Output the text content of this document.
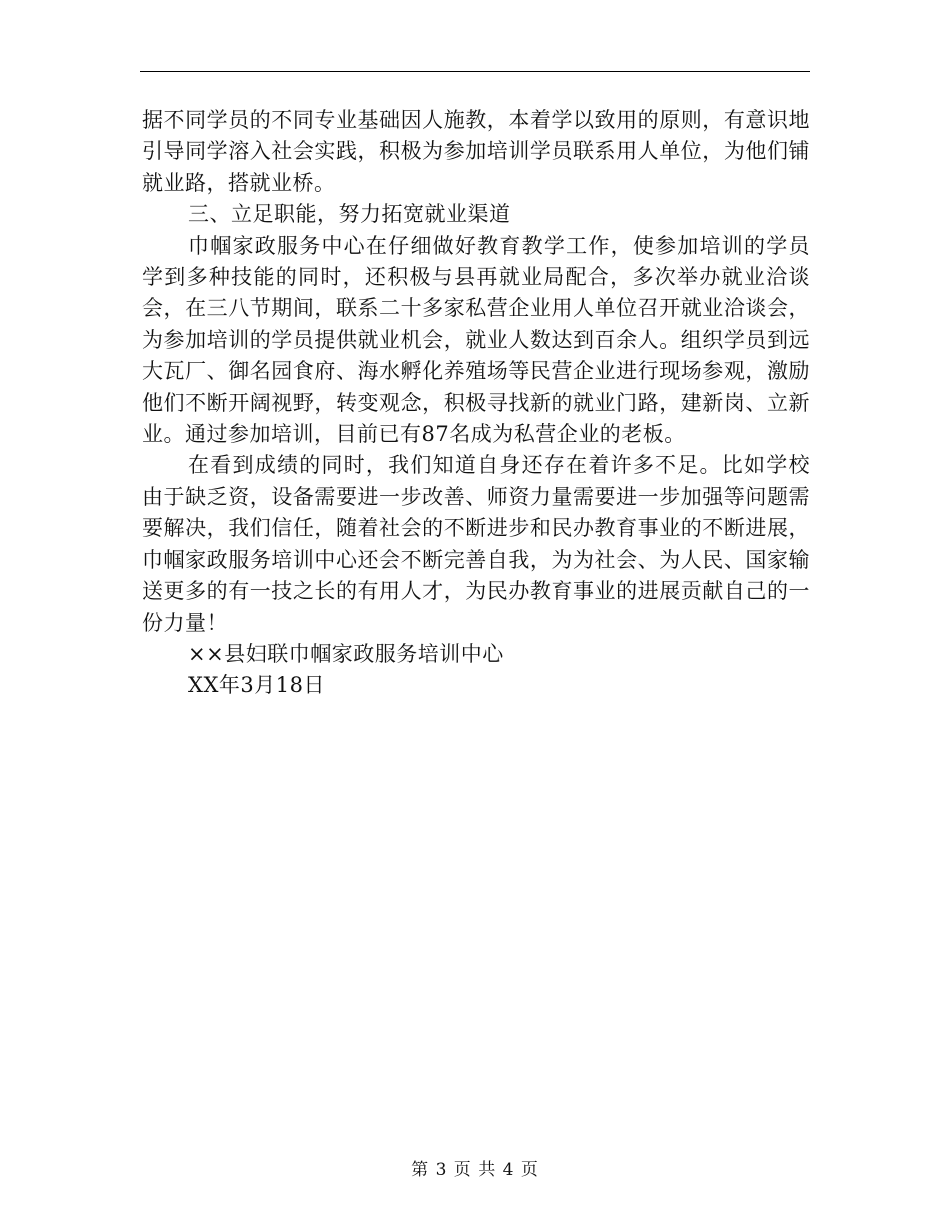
据不同学员的不同专业基础因人施教，本着学以致用的原则，有意识地引导同学溶入社会实践，积极为参加培训学员联系用人单位，为他们铺就业路，搭就业桥。

三、立足职能，努力拓宽就业渠道

巾帼家政服务中心在仔细做好教育教学工作，使参加培训的学员学到多种技能的同时，还积极与县再就业局配合，多次举办就业洽谈会，在三八节期间，联系二十多家私营企业用人单位召开就业洽谈会，为参加培训的学员提供就业机会，就业人数达到百余人。组织学员到远大瓦厂、御名园食府、海水孵化养殖场等民营企业进行现场参观，激励他们不断开阔视野，转变观念，积极寻找新的就业门路，建新岗、立新业。通过参加培训，目前已有87名成为私营企业的老板。

在看到成绩的同时，我们知道自身还存在着许多不足。比如学校由于缺乏资，设备需要进一步改善、师资力量需要进一步加强等问题需要解决，我们信任，随着社会的不断进步和民办教育事业的不断进展，巾帼家政服务培训中心还会不断完善自我，为为社会、为人民、国家输送更多的有一技之长的有用人才，为民办教育事业的进展贡献自己的一份力量！

××县妇联巾帼家政服务培训中心

XX年3月18日

第 3 页 共 4 页
